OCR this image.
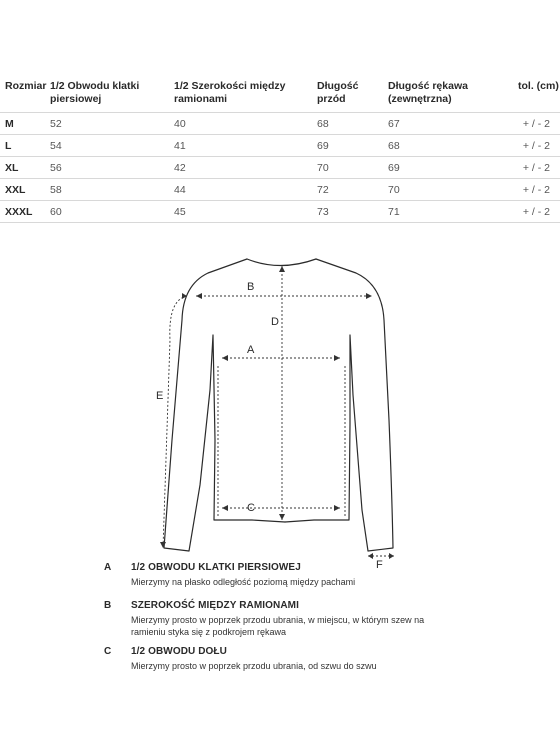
Rozmiar	1/2 Obwodu klatki piersiowej	1/2 Szerokości między ramionami	Długość przód	Długość rękawa (zewnętrzna)	tol. (cm)
M	52	40	68	67	+ / - 2
L	54	41	69	68	+ / - 2
XL	56	42	70	69	+ / - 2
XXL	58	44	72	70	+ / - 2
XXXL	60	45	73	71	+ / - 2
B
D
A
E
C
F
A 1/2 OBWODU KLATKI PIERSIOWEJ
Mierzymy na płasko odległość poziomą między pachami
B SZEROKOŚĆ MIĘDZY RAMIONAMI
Mierzymy prosto w poprzek przodu ubrania, w miejscu, w którym szew na ramieniu styka się z podkrojem rękawa
C 1/2 OBWODU DOŁU
Mierzymy prosto w poprzek przodu ubrania, od szwu do szwu
